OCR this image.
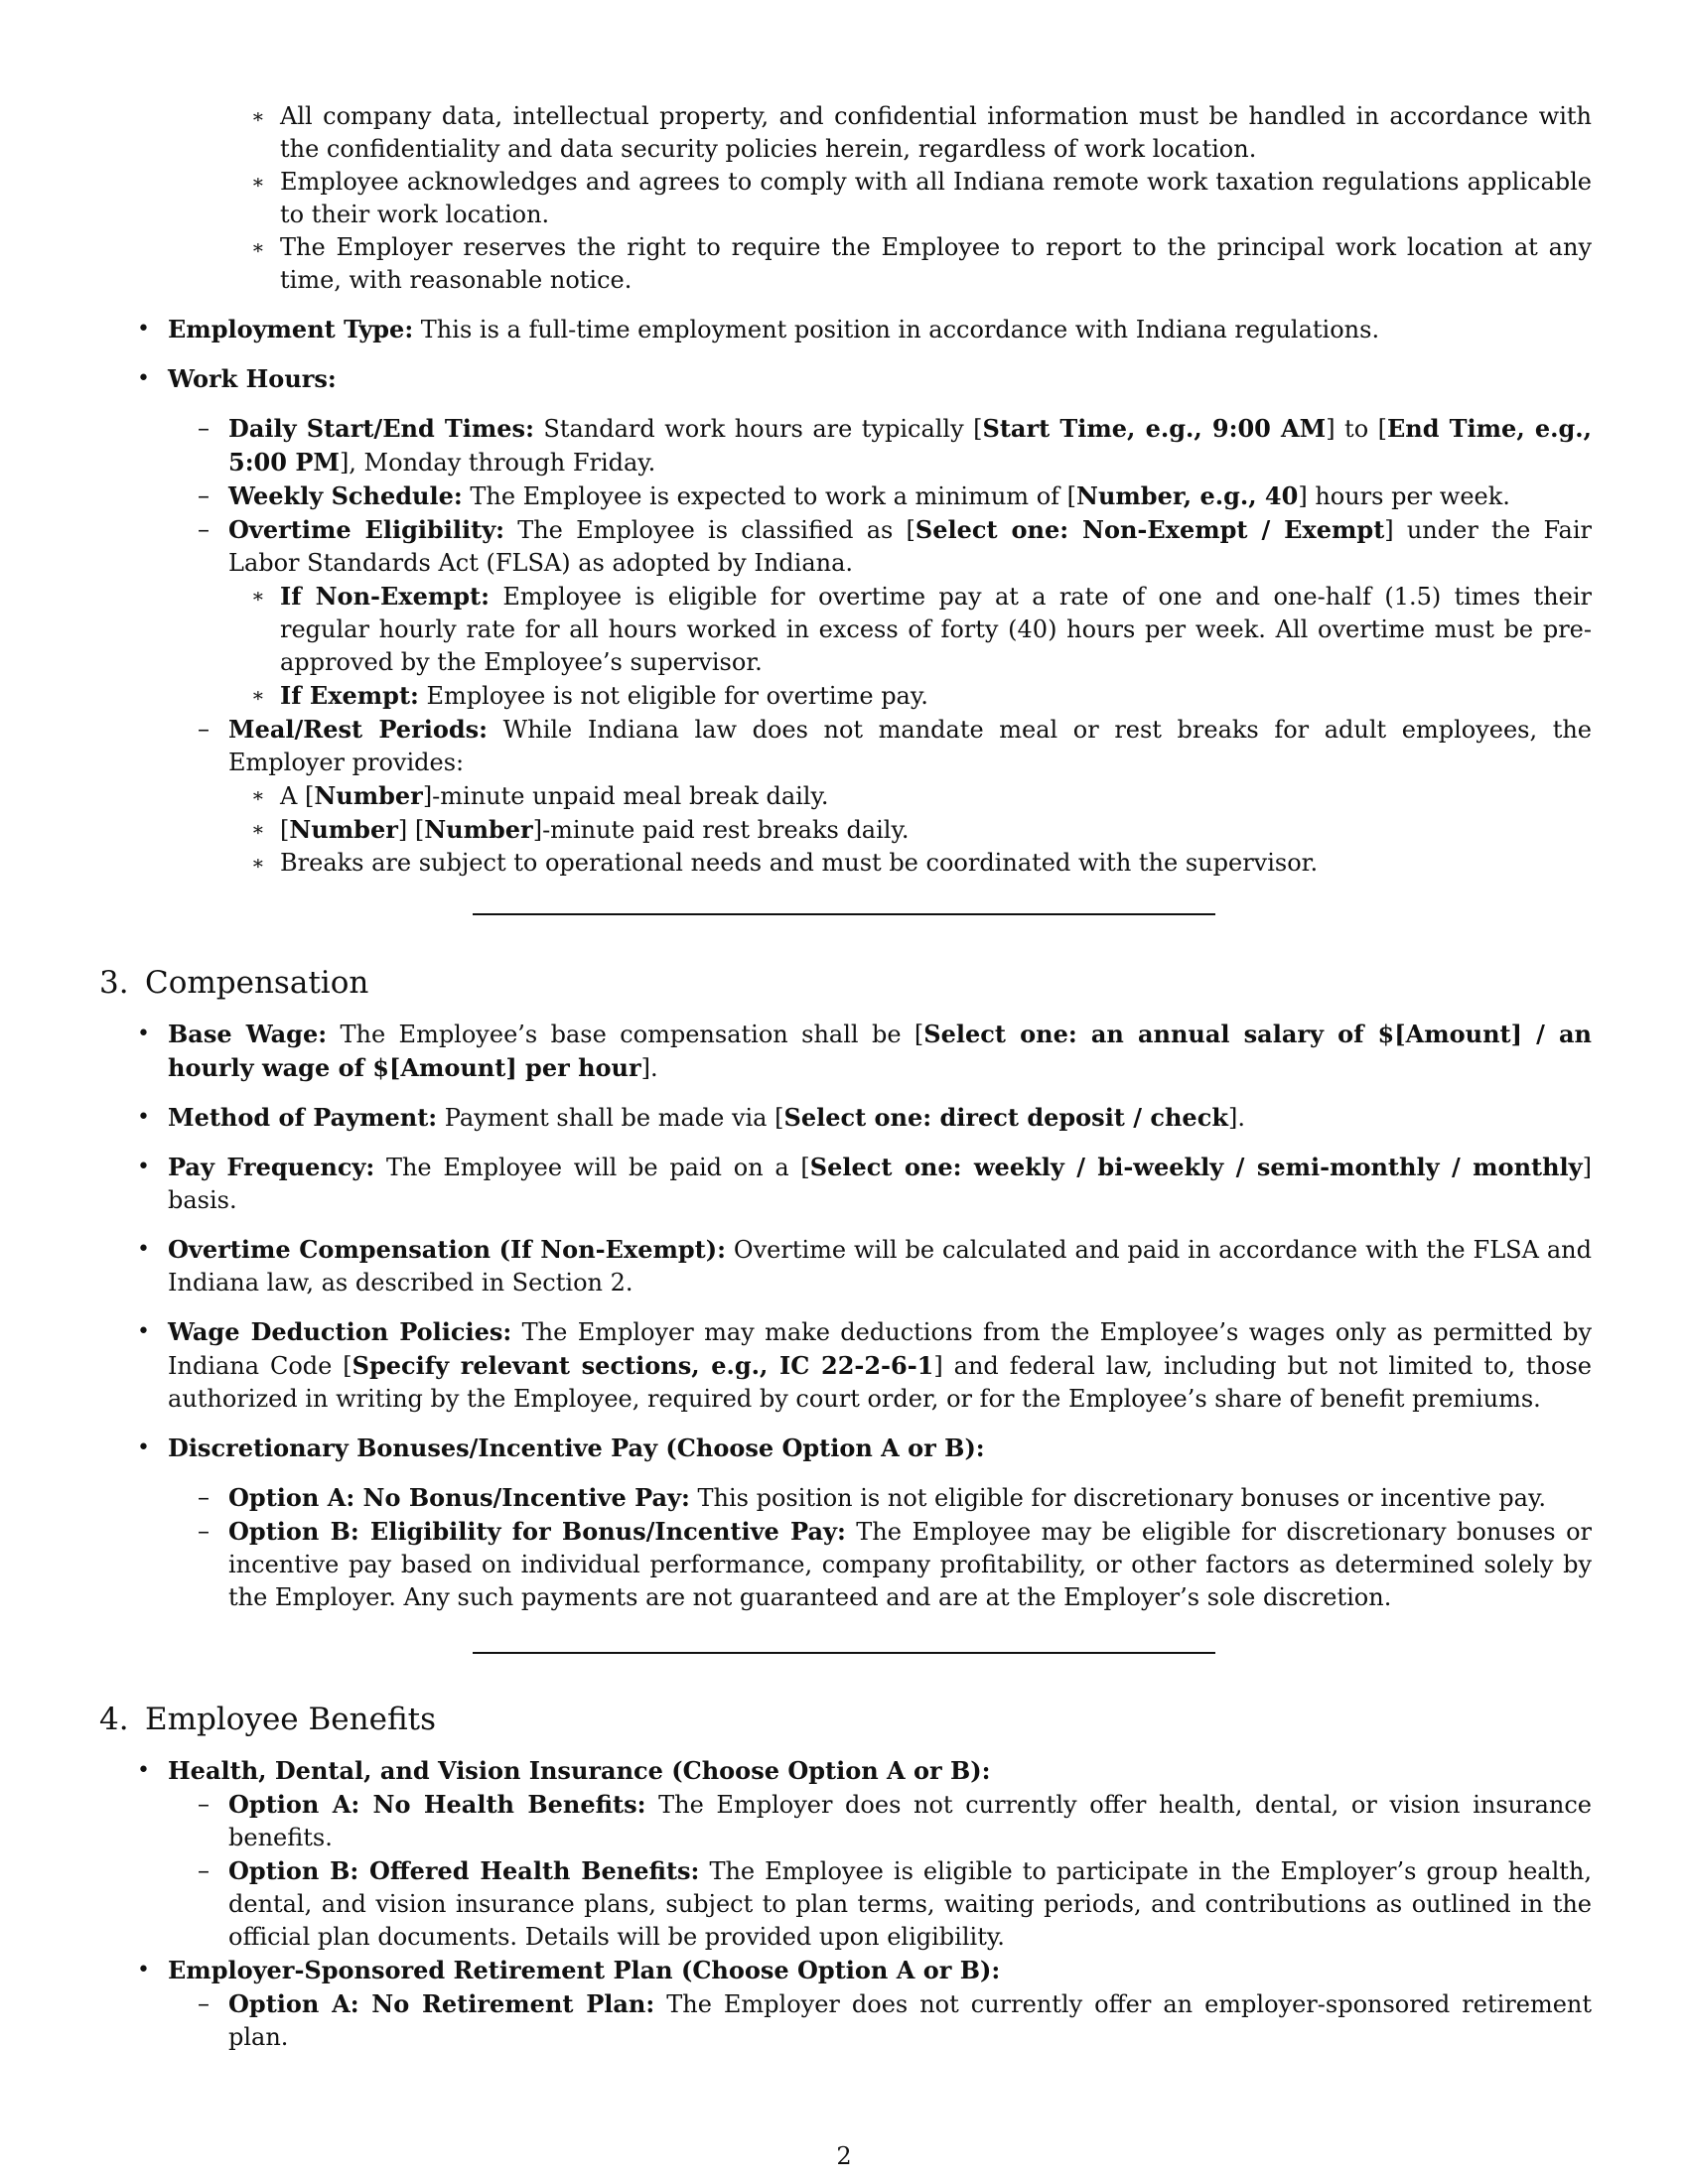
∗ All company data, intellectual property, and confidential information must be handled in accordance with the confidentiality and data security policies herein, regardless of work location.
∗ Employee acknowledges and agrees to comply with all Indiana remote work taxation regulations applicable to their work location.
∗ The Employer reserves the right to require the Employee to report to the principal work location at any time, with reasonable notice.
• Employment Type: This is a full-time employment position in accordance with Indiana regulations.
• Work Hours:
– Daily Start/End Times: Standard work hours are typically [Start Time, e.g., 9:00 AM] to [End Time, e.g., 5:00 PM], Monday through Friday.
– Weekly Schedule: The Employee is expected to work a minimum of [Number, e.g., 40] hours per week.
– Overtime Eligibility: The Employee is classified as [Select one: Non-Exempt / Exempt] under the Fair Labor Standards Act (FLSA) as adopted by Indiana.
∗ If Non-Exempt: Employee is eligible for overtime pay at a rate of one and one-half (1.5) times their regular hourly rate for all hours worked in excess of forty (40) hours per week. All overtime must be pre-approved by the Employee’s supervisor.
∗ If Exempt: Employee is not eligible for overtime pay.
– Meal/Rest Periods: While Indiana law does not mandate meal or rest breaks for adult employees, the Employer provides:
∗ A [Number]-minute unpaid meal break daily.
∗ [Number] [Number]-minute paid rest breaks daily.
∗ Breaks are subject to operational needs and must be coordinated with the supervisor.
3. Compensation
• Base Wage: The Employee’s base compensation shall be [Select one: an annual salary of $[Amount] / an hourly wage of $[Amount] per hour].
• Method of Payment: Payment shall be made via [Select one: direct deposit / check].
• Pay Frequency: The Employee will be paid on a [Select one: weekly / bi-weekly / semi-monthly / monthly] basis.
• Overtime Compensation (If Non-Exempt): Overtime will be calculated and paid in accordance with the FLSA and Indiana law, as described in Section 2.
• Wage Deduction Policies: The Employer may make deductions from the Employee’s wages only as permitted by Indiana Code [Specify relevant sections, e.g., IC 22-2-6-1] and federal law, including but not limited to, those authorized in writing by the Employee, required by court order, or for the Employee’s share of benefit premiums.
• Discretionary Bonuses/Incentive Pay (Choose Option A or B):
– Option A: No Bonus/Incentive Pay: This position is not eligible for discretionary bonuses or incentive pay.
– Option B: Eligibility for Bonus/Incentive Pay: The Employee may be eligible for discretionary bonuses or incentive pay based on individual performance, company profitability, or other factors as determined solely by the Employer. Any such payments are not guaranteed and are at the Employer’s sole discretion.
4. Employee Benefits
• Health, Dental, and Vision Insurance (Choose Option A or B):
– Option A: No Health Benefits: The Employer does not currently offer health, dental, or vision insurance benefits.
– Option B: Offered Health Benefits: The Employee is eligible to participate in the Employer’s group health, dental, and vision insurance plans, subject to plan terms, waiting periods, and contributions as outlined in the official plan documents. Details will be provided upon eligibility.
• Employer-Sponsored Retirement Plan (Choose Option A or B):
– Option A: No Retirement Plan: The Employer does not currently offer an employer-sponsored retirement plan.
2
